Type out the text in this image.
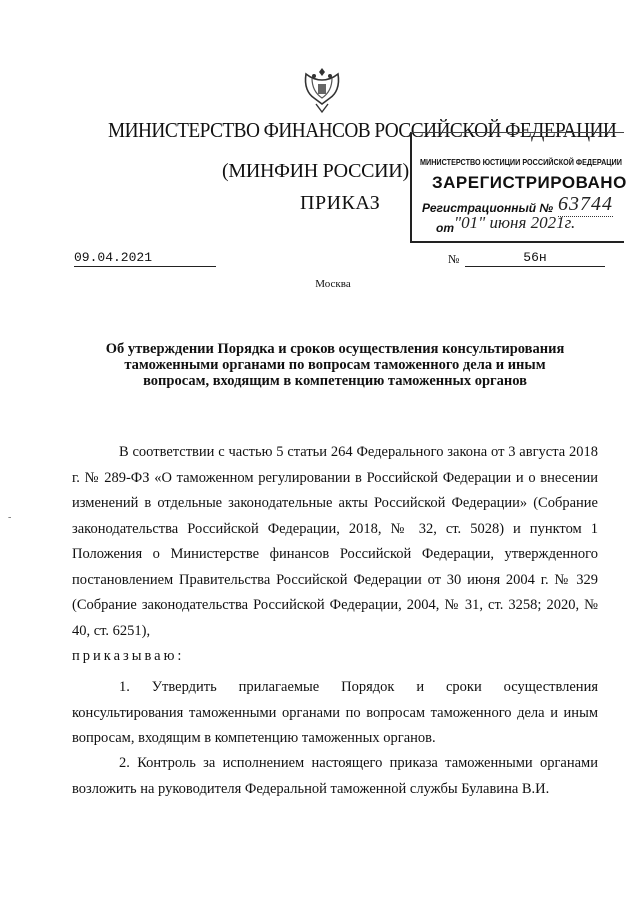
МИНИСТЕРСТВО ФИНАНСОВ РОССИЙСКОЙ ФЕДЕРАЦИИ
(МИНФИН РОССИИ)
ПРИКАЗ
МИНИСТЕРСТВО ЮСТИЦИИ РОССИЙСКОЙ ФЕДЕРАЦИИ
ЗАРЕГИСТРИРОВАНО
Регистрационный № 63744
от "01" июня 2021г.
09.04.2021	№	56н
Москва
Об утверждении Порядка и сроков осуществления консультирования таможенными органами по вопросам таможенного дела и иным вопросам, входящим в компетенцию таможенных органов
-
В соответствии с частью 5 статьи 264 Федерального закона от 3 августа 2018 г. № 289-ФЗ «О таможенном регулировании в Российской Федерации и о внесении изменений в отдельные законодательные акты Российской Федерации» (Собрание законодательства Российской Федерации, 2018, № 32, ст. 5028) и пунктом 1 Положения о Министерстве финансов Российской Федерации, утвержденного постановлением Правительства Российской Федерации от 30 июня 2004 г. № 329 (Собрание законодательства Российской Федерации, 2004, № 31, ст. 3258; 2020, № 40, ст. 6251),
приказываю:
1. Утвердить прилагаемые Порядок и сроки осуществления консультирования таможенными органами по вопросам таможенного дела и иным вопросам, входящим в компетенцию таможенных органов.
2. Контроль за исполнением настоящего приказа таможенными органами возложить на руководителя Федеральной таможенной службы Булавина В.И.
